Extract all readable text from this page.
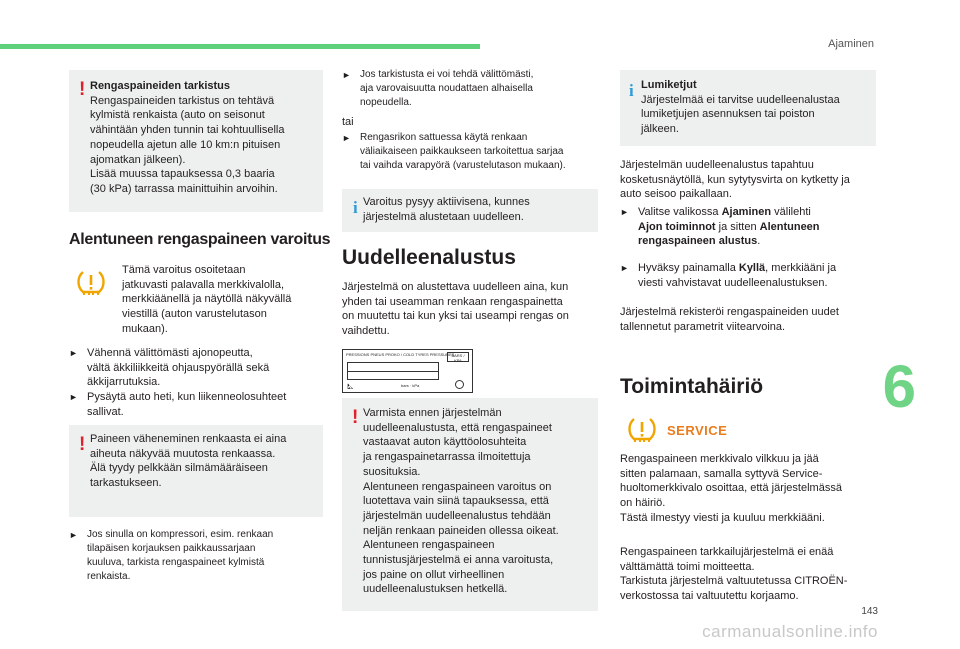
Ajaminen
6
143
carmanualsonline.info
! Rengaspaineiden tarkistus
Rengaspaineiden tarkistus on tehtävä
kylmistä renkaista (auto on seisonut
vähintään yhden tunnin tai kohtuullisella
nopeudella ajetun alle 10 km:n pituisen
ajomatkan jälkeen).
Lisää muussa tapauksessa 0,3 baaria
(30 kPa) tarrassa mainittuihin arvoihin.
Alentuneen rengaspaineen varoitus
Tämä varoitus osoitetaan
jatkuvasti palavalla merkkivalolla,
merkkiäänellä ja näytöllä näkyvällä
viestillä (auton varustelutason
mukaan).
► Vähennä välittömästi ajonopeutta,
vältä äkkiliikkeitä ohjauspyörällä sekä
äkkijarrutuksia.
► Pysäytä auto heti, kun liikenneolosuhteet
sallivat.
! Paineen väheneminen renkaasta ei aina
aiheuta näkyvää muutosta renkaassa.
Älä tyydy pelkkään silmämääräiseen
tarkastukseen.
► Jos sinulla on kompressori, esim. renkaan
tilapäisen korjauksen paikkaussarjaan
kuuluva, tarkista rengaspaineet kylmistä
renkaista.
► Jos tarkistusta ei voi tehdä välittömästi,
aja varovaisuutta noudattaen alhaisella
nopeudella.
tai
► Rengasrikon sattuessa käytä renkaan
väliaikaiseen paikkaukseen tarkoitettua sarjaa
tai vaihda varapyörä (varustelutason mukaan).
i Varoitus pysyy aktiivisena, kunnes
järjestelmä alustetaan uudelleen.
Uudelleenalustus
Järjestelmä on alustettava uudelleen aina, kun
yhden tai useamman renkaan rengaspainetta
on muutettu tai kun yksi tai useampi rengas on
vaihdettu.
PRESSIONS PNEUS PROKO / COLD TYRES PRESSURES
BARS / KPA
⛡	bars · kPa
! Varmista ennen järjestelmän
uudelleenalustusta, että rengaspaineet
vastaavat auton käyttöolosuhteita
ja rengaspainetarrassa ilmoitettuja
suosituksia.
Alentuneen rengaspaineen varoitus on
luotettava vain siinä tapauksessa, että
järjestelmän uudelleenalustus tehdään
neljän renkaan paineiden ollessa oikeat.
Alentuneen rengaspaineen
tunnistusjärjestelmä ei anna varoitusta,
jos paine on ollut virheellinen
uudelleenalustuksen hetkellä.
i Lumiketjut
Järjestelmää ei tarvitse uudelleenalustaa
lumiketjujen asennuksen tai poiston
jälkeen.
Järjestelmän uudelleenalustus tapahtuu
kosketusnäytöllä, kun sytytysvirta on kytketty ja
auto seisoo paikallaan.
► Valitse valikossa Ajaminen välilehti
Ajon toiminnot ja sitten Alentuneen
rengaspaineen alustus.
► Hyväksy painamalla Kyllä, merkkiääni ja
viesti vahvistavat uudelleenalustuksen.
Järjestelmä rekisteröi rengaspaineiden uudet
tallennetut parametrit viitearvoina.
Toimintahäiriö
SERVICE
Rengaspaineen merkkivalo vilkkuu ja jää
sitten palamaan, samalla syttyvä Service-
huoltomerkkivalo osoittaa, että järjestelmässä
on häiriö.
Tästä ilmestyy viesti ja kuuluu merkkiääni.
Rengaspaineen tarkkailujärjestelmä ei enää
välttämättä toimi moitteetta.
Tarkistuta järjestelmä valtuutetussa CITROËN-
verkostossa tai valtuutettu korjaamo.
